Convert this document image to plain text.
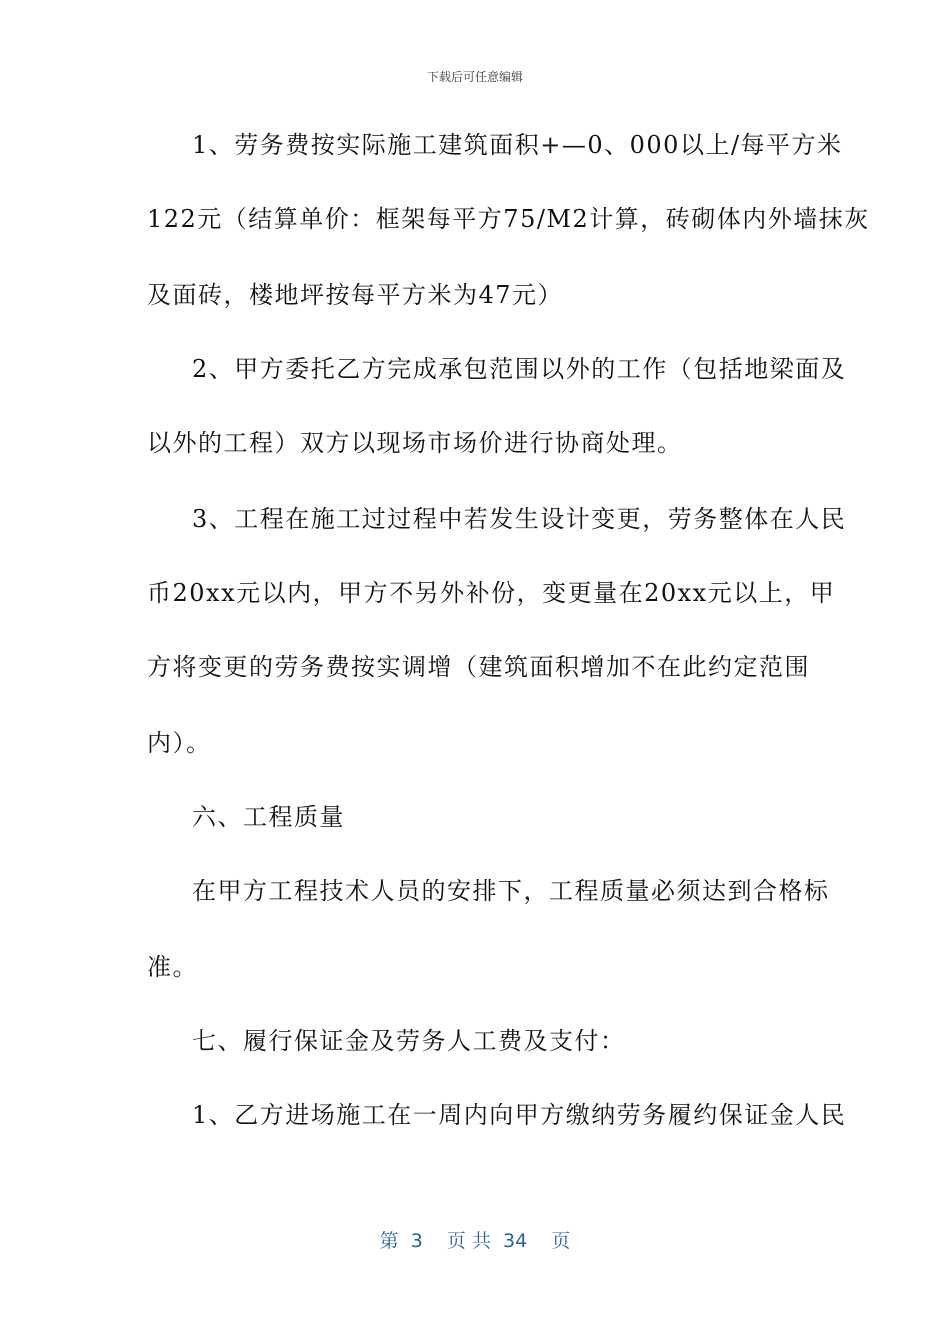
下载后可任意编辑
1、劳务费按实际施工建筑面积+—0、000以上/每平方米
122元（结算单价：框架每平方75/M2计算，砖砌体内外墙抹灰
及面砖，楼地坪按每平方米为47元）
2、甲方委托乙方完成承包范围以外的工作（包括地梁面及
以外的工程）双方以现场市场价进行协商处理。
3、工程在施工过过程中若发生设计变更，劳务整体在人民
币20xx元以内，甲方不另外补份，变更量在20xx元以上，甲
方将变更的劳务费按实调增（建筑面积增加不在此约定范围
内）。
六、工程质量
在甲方工程技术人员的安排下，工程质量必须达到合格标
准。
七、履行保证金及劳务人工费及支付：
1、乙方进场施工在一周内向甲方缴纳劳务履约保证金人民
第  3    页 共  34    页
